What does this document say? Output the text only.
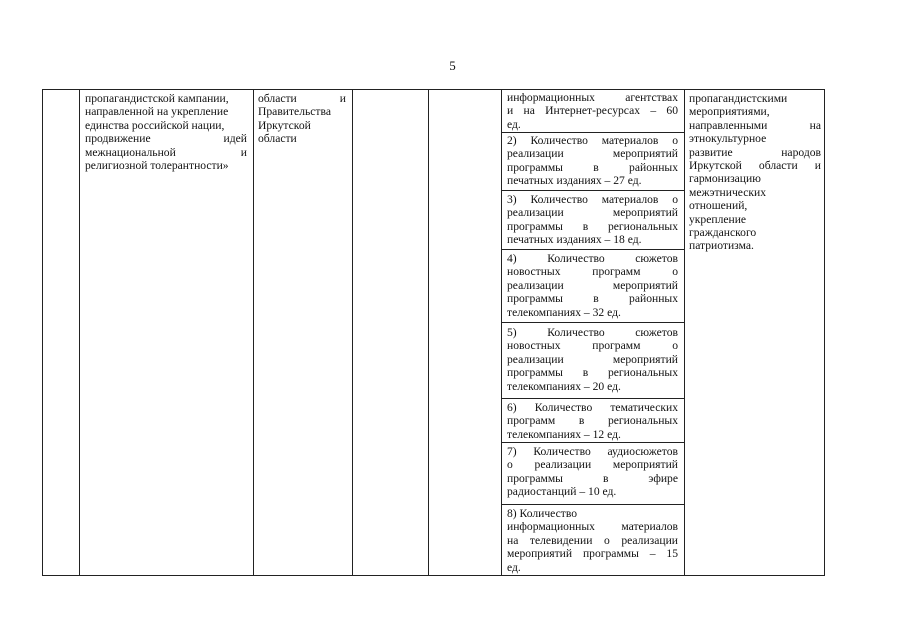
5
пропагандистской кампании,
направленной на укрепление
единства российской нации,
продвижение идей
межнациональной и
религиозной толерантности»
области и
Правительства
Иркутской
области
информационных агентствах
и на Интернет-ресурсах – 60
ед.
2) Количество материалов о
реализации мероприятий
программы в районных
печатных изданиях – 27 ед.
3) Количество материалов о
реализации мероприятий
программы в региональных
печатных изданиях – 18 ед.
4) Количество сюжетов
новостных программ о
реализации мероприятий
программы в районных
телекомпаниях – 32 ед.
5) Количество сюжетов
новостных программ о
реализации мероприятий
программы в региональных
телекомпаниях – 20 ед.
6) Количество тематических
программ в региональных
телекомпаниях – 12 ед.
7) Количество аудиосюжетов
о реализации мероприятий
программы в эфире
радиостанций – 10 ед.
8) Количество
информационных материалов
на телевидении о реализации
мероприятий программы – 15
ед.
пропагандистскими
мероприятиями,
направленными на
этнокультурное
развитие народов
Иркутской области и
гармонизацию
межэтнических
отношений,
укрепление
гражданского
патриотизма.
